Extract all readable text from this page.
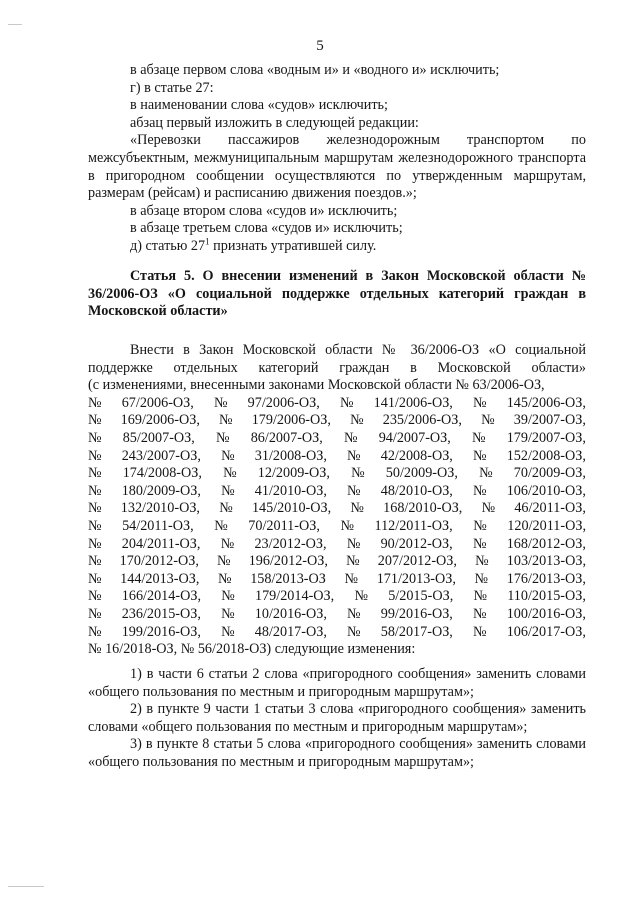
5

в абзаце первом слова «водным и» и «водного и» исключить;

г) в статье 27:

в наименовании слова «судов» исключить;

абзац первый изложить в следующей редакции:

«Перевозки пассажиров железнодорожным транспортом по межсубъектным, межмуниципальным маршрутам железнодорожного транспорта в пригородном сообщении осуществляются по утвержденным маршрутам, размерам (рейсам) и расписанию движения поездов.»;

в абзаце втором слова «судов и» исключить;

в абзаце третьем слова «судов и» исключить;

д) статью $27^1$ признать утратившей силу.

Статья 5. О внесении изменений в Закон Московской области № 36/2006-ОЗ «О социальной поддержке отдельных категорий граждан в Московской области»

Внести в Закон Московской области № 36/2006-ОЗ «О социальной

поддержке отдельных категорий граждан в Московской области»

(с изменениями, внесенными законами Московской области № 63/2006-ОЗ,

№ 67/2006-ОЗ, № 97/2006-ОЗ, № 141/2006-ОЗ, № 145/2006-ОЗ,
№ 169/2006-ОЗ, № 179/2006-ОЗ, № 235/2006-ОЗ, № 39/2007-ОЗ,
№ 85/2007-ОЗ, № 86/2007-ОЗ, № 94/2007-ОЗ, № 179/2007-ОЗ,
№ 243/2007-ОЗ, № 31/2008-ОЗ, № 42/2008-ОЗ, № 152/2008-ОЗ,
№ 174/2008-ОЗ, № 12/2009-ОЗ, № 50/2009-ОЗ, № 70/2009-ОЗ,
№ 180/2009-ОЗ, № 41/2010-ОЗ, № 48/2010-ОЗ, № 106/2010-ОЗ,
№ 132/2010-ОЗ, № 145/2010-ОЗ, № 168/2010-ОЗ, № 46/2011-ОЗ,
№ 54/2011-ОЗ, № 70/2011-ОЗ, № 112/2011-ОЗ, № 120/2011-ОЗ,
№ 204/2011-ОЗ, № 23/2012-ОЗ, № 90/2012-ОЗ, № 168/2012-ОЗ,
№ 170/2012-ОЗ, № 196/2012-ОЗ, № 207/2012-ОЗ, № 103/2013-ОЗ,
№ 144/2013-ОЗ, № 158/2013-ОЗ № 171/2013-ОЗ, № 176/2013-ОЗ,
№ 166/2014-ОЗ, № 179/2014-ОЗ, № 5/2015-ОЗ, № 110/2015-ОЗ,
№ 236/2015-ОЗ, № 10/2016-ОЗ, № 99/2016-ОЗ, № 100/2016-ОЗ,
№ 199/2016-ОЗ, № 48/2017-ОЗ, № 58/2017-ОЗ, № 106/2017-ОЗ,

№ 16/2018-ОЗ, № 56/2018-ОЗ) следующие изменения:

1) в части 6 статьи 2 слова «пригородного сообщения» заменить словами «общего пользования по местным и пригородным маршрутам»;

2) в пункте 9 части 1 статьи 3 слова «пригородного сообщения» заменить словами «общего пользования по местным и пригородным маршрутам»;

3) в пункте 8 статьи 5 слова «пригородного сообщения» заменить словами «общего пользования по местным и пригородным маршрутам»;
